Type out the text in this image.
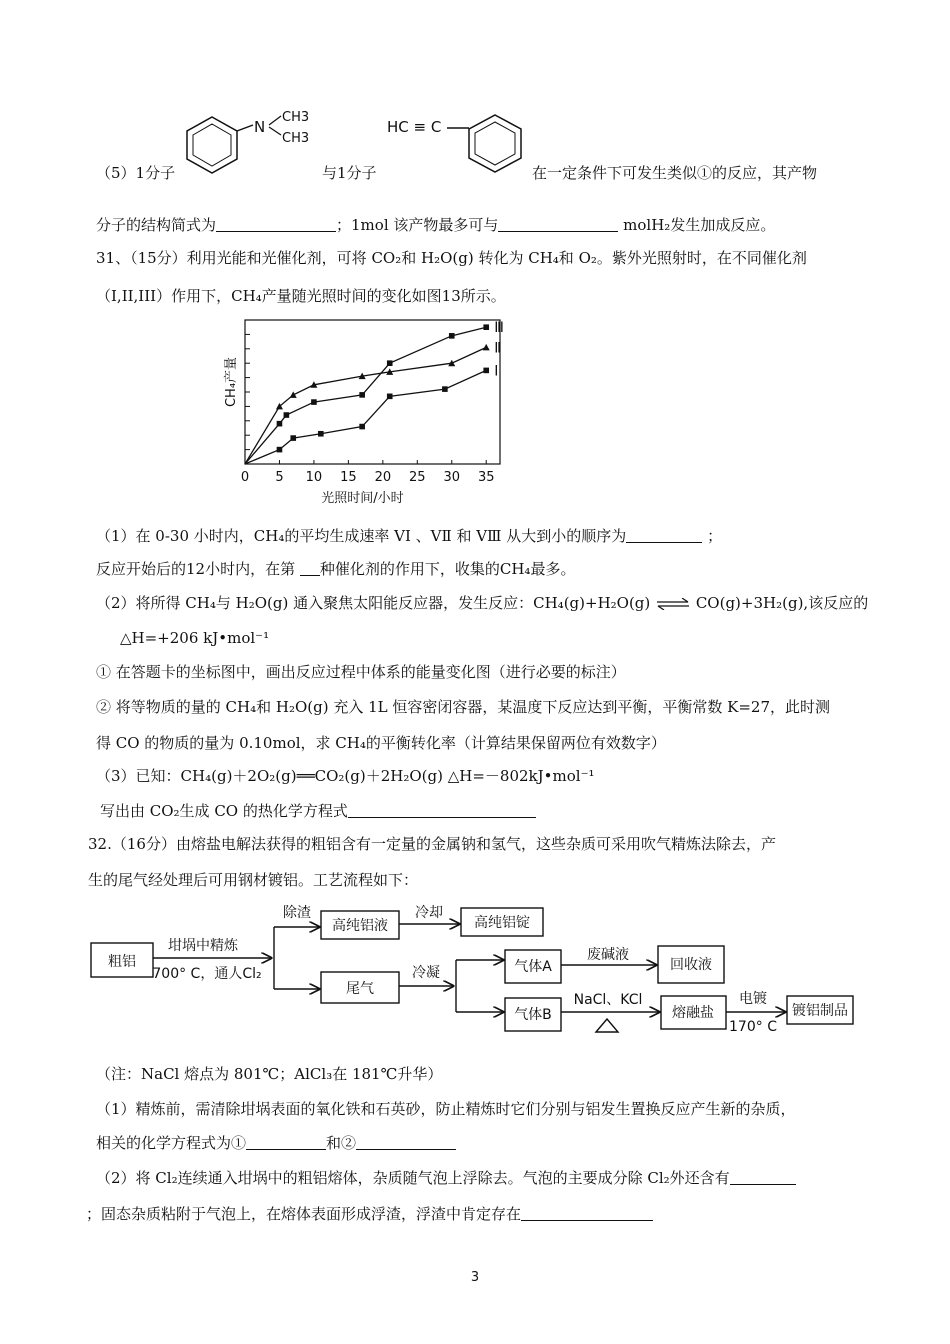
（5）1分子
N
CH3
CH3
与1分子
HC ≡ C
在一定条件下可发生类似①的反应，其产物
分子的结构简式为	；1mol 该产物最多可与	molH₂发生加成反应。
31、（15分）利用光能和光催化剂，可将 CO₂和 H₂O(g) 转化为 CH₄和 O₂。紫外光照射时，在不同催化剂
（I,II,III）作用下，CH₄产量随光照时间的变化如图13所示。
0 5 10 15 20 25 30 35
光照时间/小时
CH₄产量
Ⅲ
Ⅱ
Ⅰ
（1）在 0-30 小时内，CH₄的平均生成速率 VⅠ 、VⅡ 和 VⅢ 从大到小的顺序为	；
反应开始后的12小时内，在第 种催化剂的作用下，收集的CH₄最多。
（2）将所得 CH₄与 H₂O(g) 通入聚焦太阳能反应器，发生反应：CH₄(g)+H₂O(g) ⇌ CO(g)+3H₂(g),该反应的
△H=+206 kJ•mol⁻¹
① 在答题卡的坐标图中，画出反应过程中体系的能量变化图（进行必要的标注）
② 将等物质的量的 CH₄和 H₂O(g) 充入 1L 恒容密闭容器，某温度下反应达到平衡，平衡常数 K=27，此时测
得 CO 的物质的量为 0.10mol，求 CH₄的平衡转化率（计算结果保留两位有效数字）
（3）已知：CH₄(g)＋2O₂(g)══CO₂(g)＋2H₂O(g) △H=－802kJ•mol⁻¹
写出由 CO₂生成 CO 的热化学方程式
32.（16分）由熔盐电解法获得的粗铝含有一定量的金属钠和氢气，这些杂质可采用吹气精炼法除去，产
生的尾气经处理后可用钢材镀铝。工艺流程如下：
粗铝
坩埚中精炼
700° C，通人Cl₂
除渣
高纯铝液
冷却
高纯铝锭
尾气
冷凝	气体A
废碱液
回收液
气体B
NaCl、KCl
熔融盐
电镀
170° C
镀铝制品
（注：NaCl 熔点为 801℃；AlCl₃在 181℃升华）
（1）精炼前，需清除坩埚表面的氧化铁和石英砂，防止精炼时它们分别与铝发生置换反应产生新的杂质，
相关的化学方程式为①	和②
（2）将 Cl₂连续通入坩埚中的粗铝熔体，杂质随气泡上浮除去。气泡的主要成分除 Cl₂外还含有
；固态杂质粘附于气泡上，在熔体表面形成浮渣，浮渣中肯定存在
3
